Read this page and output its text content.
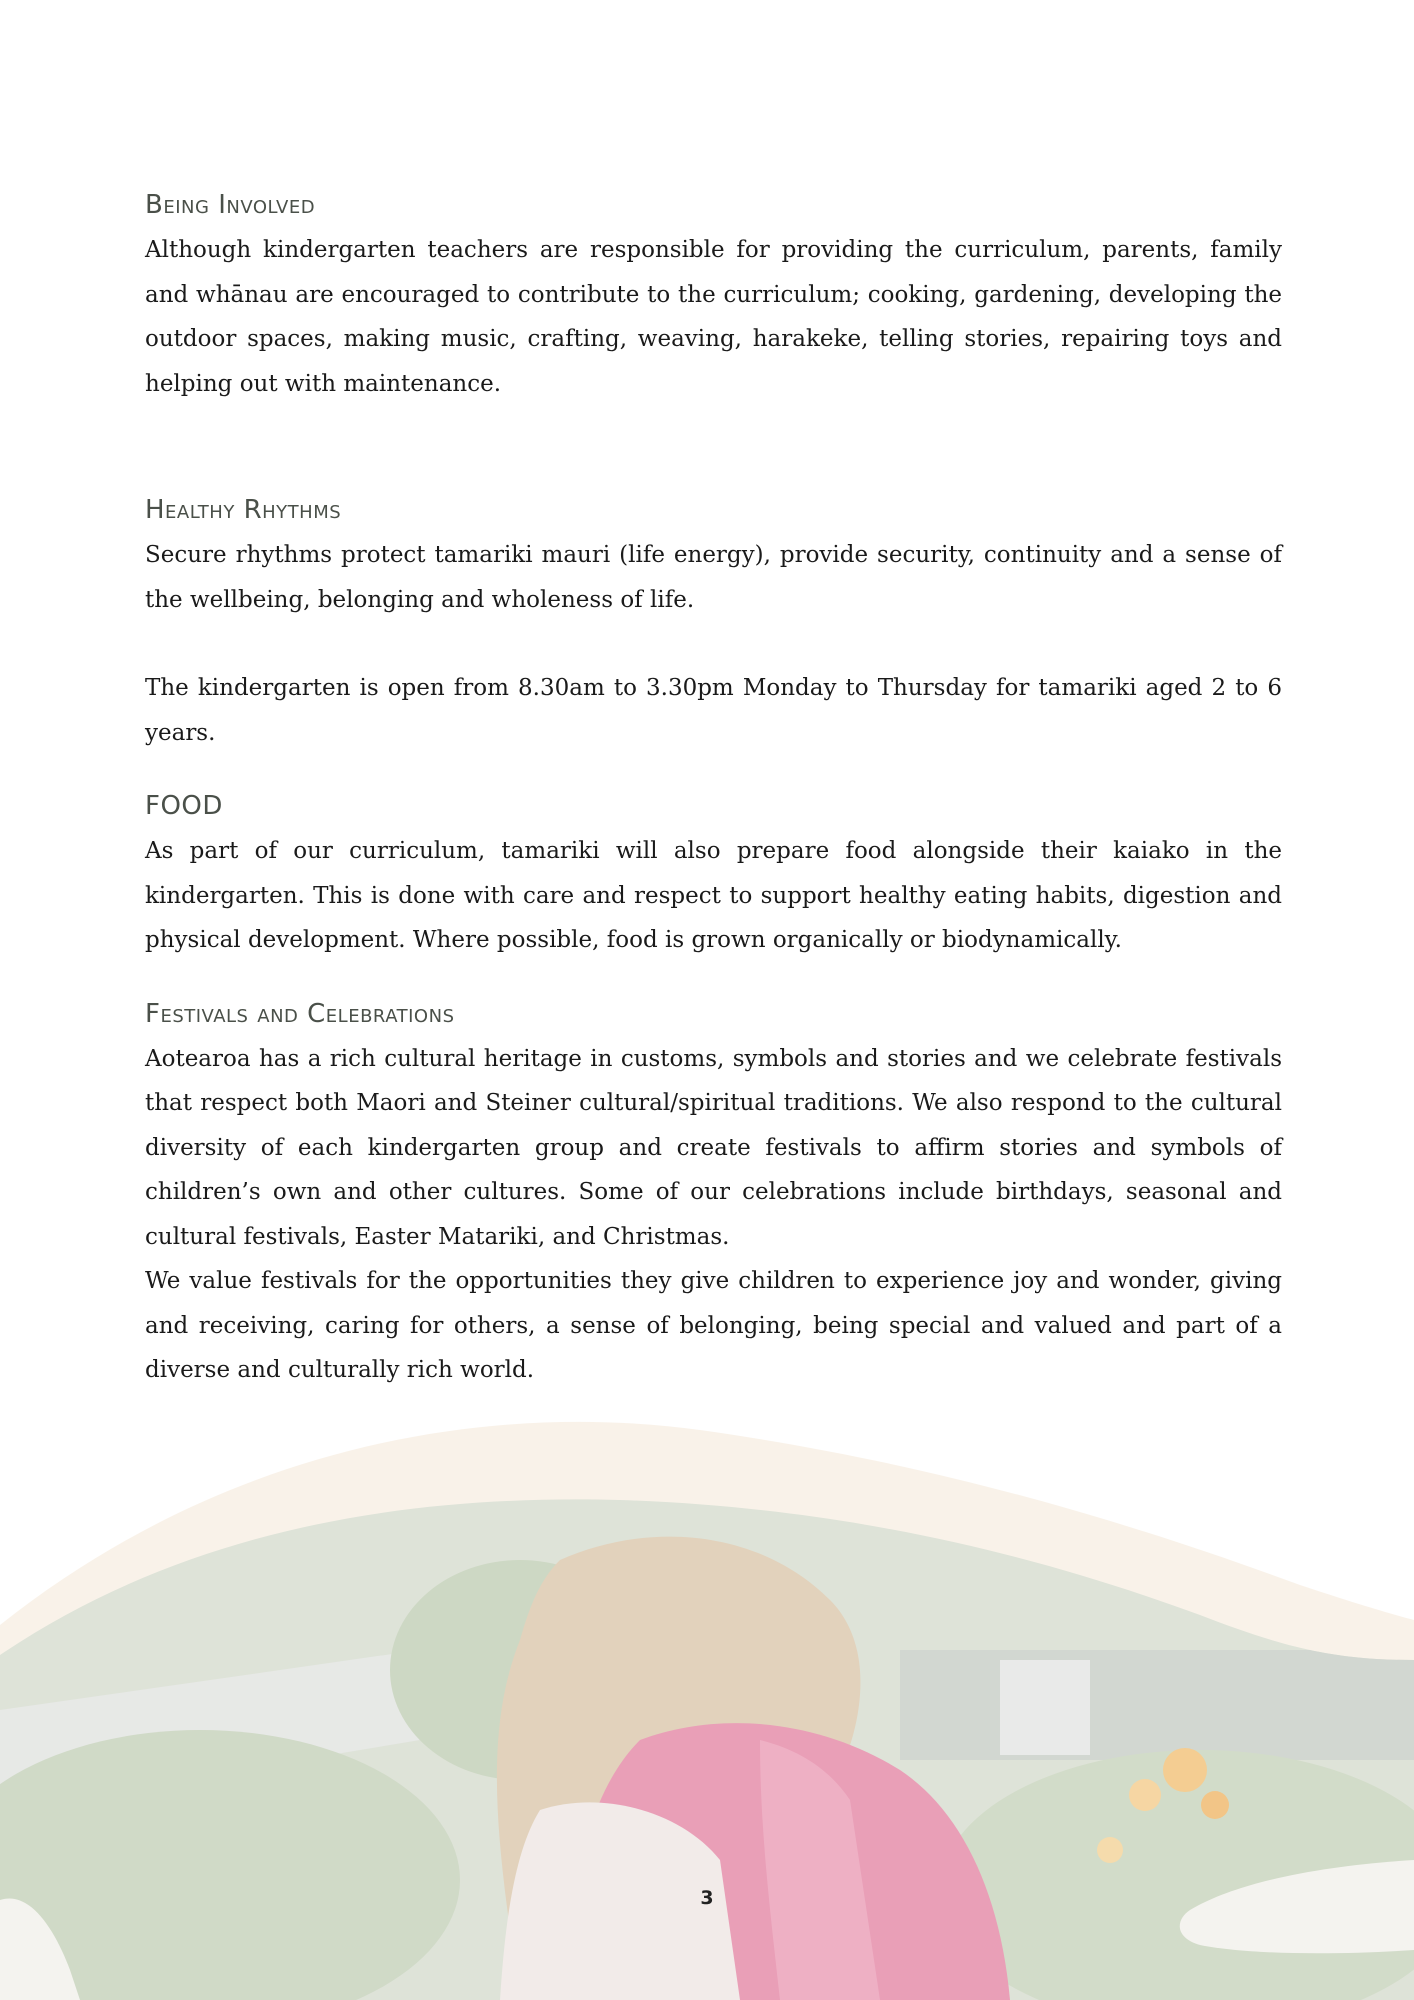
Being Involved

Although kindergarten teachers are responsible for providing the curriculum, parents, family and whānau are encouraged to contribute to the curriculum; cooking, gardening, developing the outdoor spaces, making music, crafting, weaving, harakeke, telling stories, repairing toys and helping out with maintenance.

Healthy Rhythms

Secure rhythms protect tamariki mauri (life energy), provide security, continuity and a sense of the wellbeing, belonging and wholeness of life.

The kindergarten is open from 8.30am to 3.30pm Monday to Thursday for tamariki aged 2 to 6 years.

FOOD

As part of our curriculum, tamariki will also prepare food alongside their kaiako in the kindergarten. This is done with care and respect to support healthy eating habits, digestion and physical development. Where possible, food is grown organically or biodynamically.

Festivals and Celebrations

Aotearoa has a rich cultural heritage in customs, symbols and stories and we celebrate festivals that respect both Maori and Steiner cultural/spiritual traditions. We also respond to the cultural diversity of each kindergarten group and create festivals to affirm stories and symbols of children’s own and other cultures. Some of our celebrations include birthdays, seasonal and cultural festivals, Easter Matariki, and Christmas.

We value festivals for the opportunities they give children to experience joy and wonder, giving and receiving, caring for others, a sense of belonging, being special and valued and part of a diverse and culturally rich world.

3
